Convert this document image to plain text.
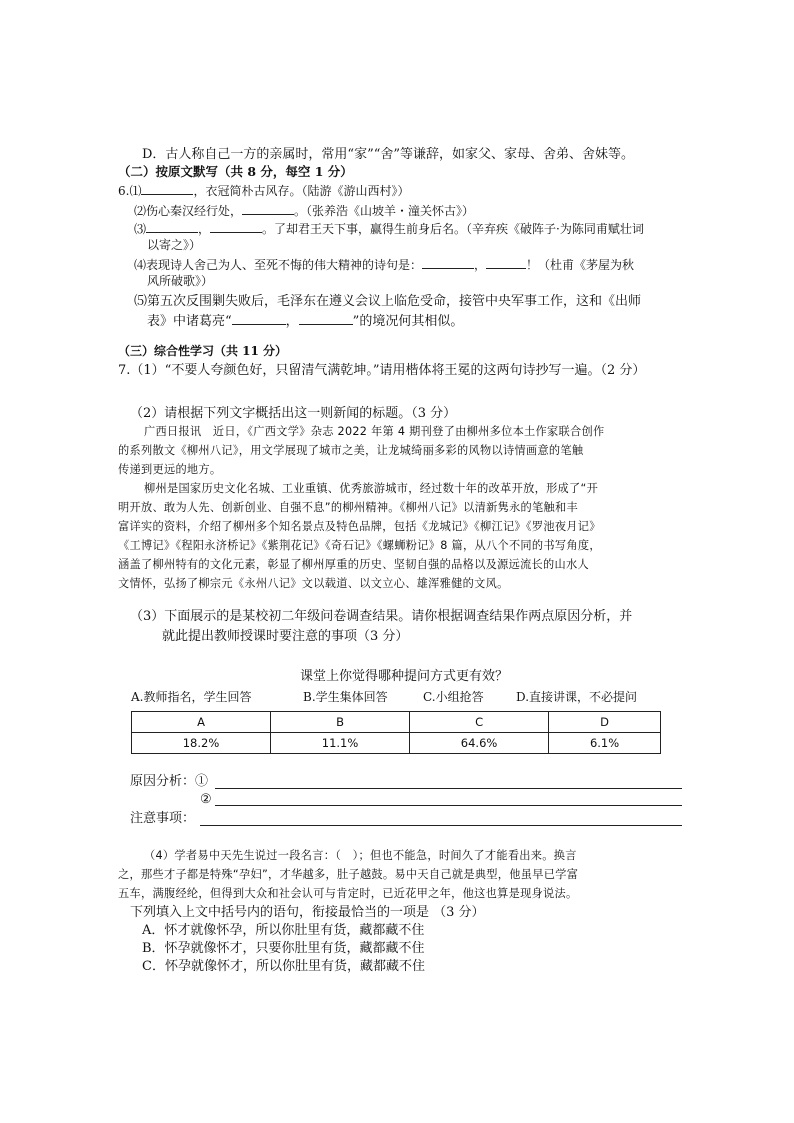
D．古人称自己一方的亲属时，常用“家”“舍”等谦辞，如家父、家母、舍弟、舍妹等。
（二）按原文默写（共 8 分，每空 1 分）
6.⑴	，衣冠简朴古风存。（陆游《游山西村》）
⑵伤心秦汉经行处，	。（张养浩《山坡羊・潼关怀古》）
⑶	，	。了却君王天下事，赢得生前身后名。（辛弃疾《破阵子·为陈同甫赋壮词
以寄之》）
⑷表现诗人舍己为人、至死不悔的伟大精神的诗句是：	，	！（杜甫《茅屋为秋
风所破歌》）
⑸第五次反围剿失败后，毛泽东在遵义会议上临危受命，接管中央军事工作，这和《出师
表》中诸葛亮“	，	”的境况何其相似。
（三）综合性学习（共 11 分）
7.（1）“不要人夸颜色好，只留清气满乾坤。”请用楷体将王冕的这两句诗抄写一遍。（2 分）
（2）请根据下列文字概括出这一则新闻的标题。（3 分）
广西日报讯　近日，《广西文学》杂志 2022 年第 4 期刊登了由柳州多位本土作家联合创作
的系列散文《柳州八记》，用文学展现了城市之美，让龙城绮丽多彩的风物以诗情画意的笔触
传递到更远的地方。
柳州是国家历史文化名城、工业重镇、优秀旅游城市，经过数十年的改革开放，形成了“开
明开放、敢为人先、创新创业、自强不息”的柳州精神。《柳州八记》以清新隽永的笔触和丰
富详实的资料，介绍了柳州多个知名景点及特色品牌，包括《龙城记》《柳江记》《罗池夜月记》
《工博记》《程阳永济桥记》《紫荆花记》《奇石记》《螺蛳粉记》8 篇，从八个不同的书写角度，
涵盖了柳州特有的文化元素，彰显了柳州厚重的历史、坚韧自强的品格以及源远流长的山水人
文情怀，弘扬了柳宗元《永州八记》文以载道、以文立心、雄浑雅健的文风。
（3）下面展示的是某校初二年级问卷调查结果。请你根据调查结果作两点原因分析，并
就此提出教师授课时要注意的事项（3 分）
课堂上你觉得哪种提问方式更有效？
A.教师指名，学生回答	B.学生集体回答	C.小组抢答	D.直接讲课，不必提问
A	B	C	D
18.2%	11.1%	64.6%	6.1%
原因分析：①
②
注意事项：
（4）学者易中天先生说过一段名言：（　）；但也不能急，时间久了才能看出来。换言
之，那些才子都是特殊“孕妇”，才华越多，肚子越鼓。易中天自己就是典型，他虽早已学富
五车，满腹经纶，但得到大众和社会认可与肯定时，已近花甲之年，他这也算是现身说法。
下列填入上文中括号内的语句，衔接最恰当的一项是 （3 分）
A．怀才就像怀孕，所以你肚里有货，藏都藏不住
B．怀孕就像怀才，只要你肚里有货，藏都藏不住
C．怀孕就像怀才，所以你肚里有货，藏都藏不住
